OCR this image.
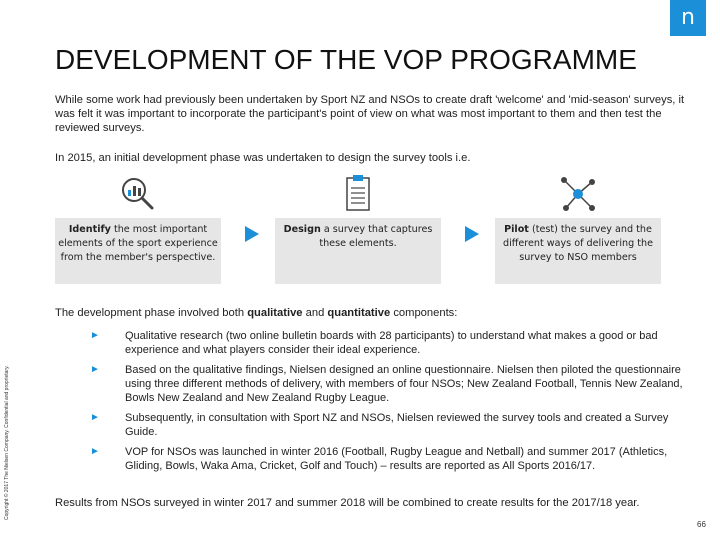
n
DEVELOPMENT OF THE VOP PROGRAMME
While some work had previously been undertaken by Sport NZ and NSOs to create draft 'welcome' and 'mid-season' surveys, it was felt it was important to incorporate the participant's point of view on what was most important to them and then test the reviewed surveys.
In 2015, an initial development phase was undertaken to design the survey tools i.e.
Identify the most important elements of the sport experience from the member's perspective.
Design a survey that captures these elements.
Pilot (test) the survey and the different ways of delivering the survey to NSO members
The development phase involved both qualitative and quantitative components:
► Qualitative research (two online bulletin boards with 28 participants) to understand what makes a good or bad experience and what players consider their ideal experience.
► Based on the qualitative findings, Nielsen designed an online questionnaire. Nielsen then piloted the questionnaire using three different methods of delivery, with members of four NSOs; New Zealand Football, Tennis New Zealand, Bowls New Zealand and New Zealand Rugby League.
► Subsequently, in consultation with Sport NZ and NSOs, Nielsen reviewed the survey tools and created a Survey Guide.
► VOP for NSOs was launched in winter 2016 (Football, Rugby League and Netball) and summer 2017 (Athletics, Gliding, Bowls, Waka Ama, Cricket, Golf and Touch) – results are reported as All Sports 2016/17.
Results from NSOs surveyed in winter 2017 and summer 2018 will be combined to create results for the 2017/18 year.
Copyright © 2017 The Nielsen Company. Confidential and proprietary.
66
